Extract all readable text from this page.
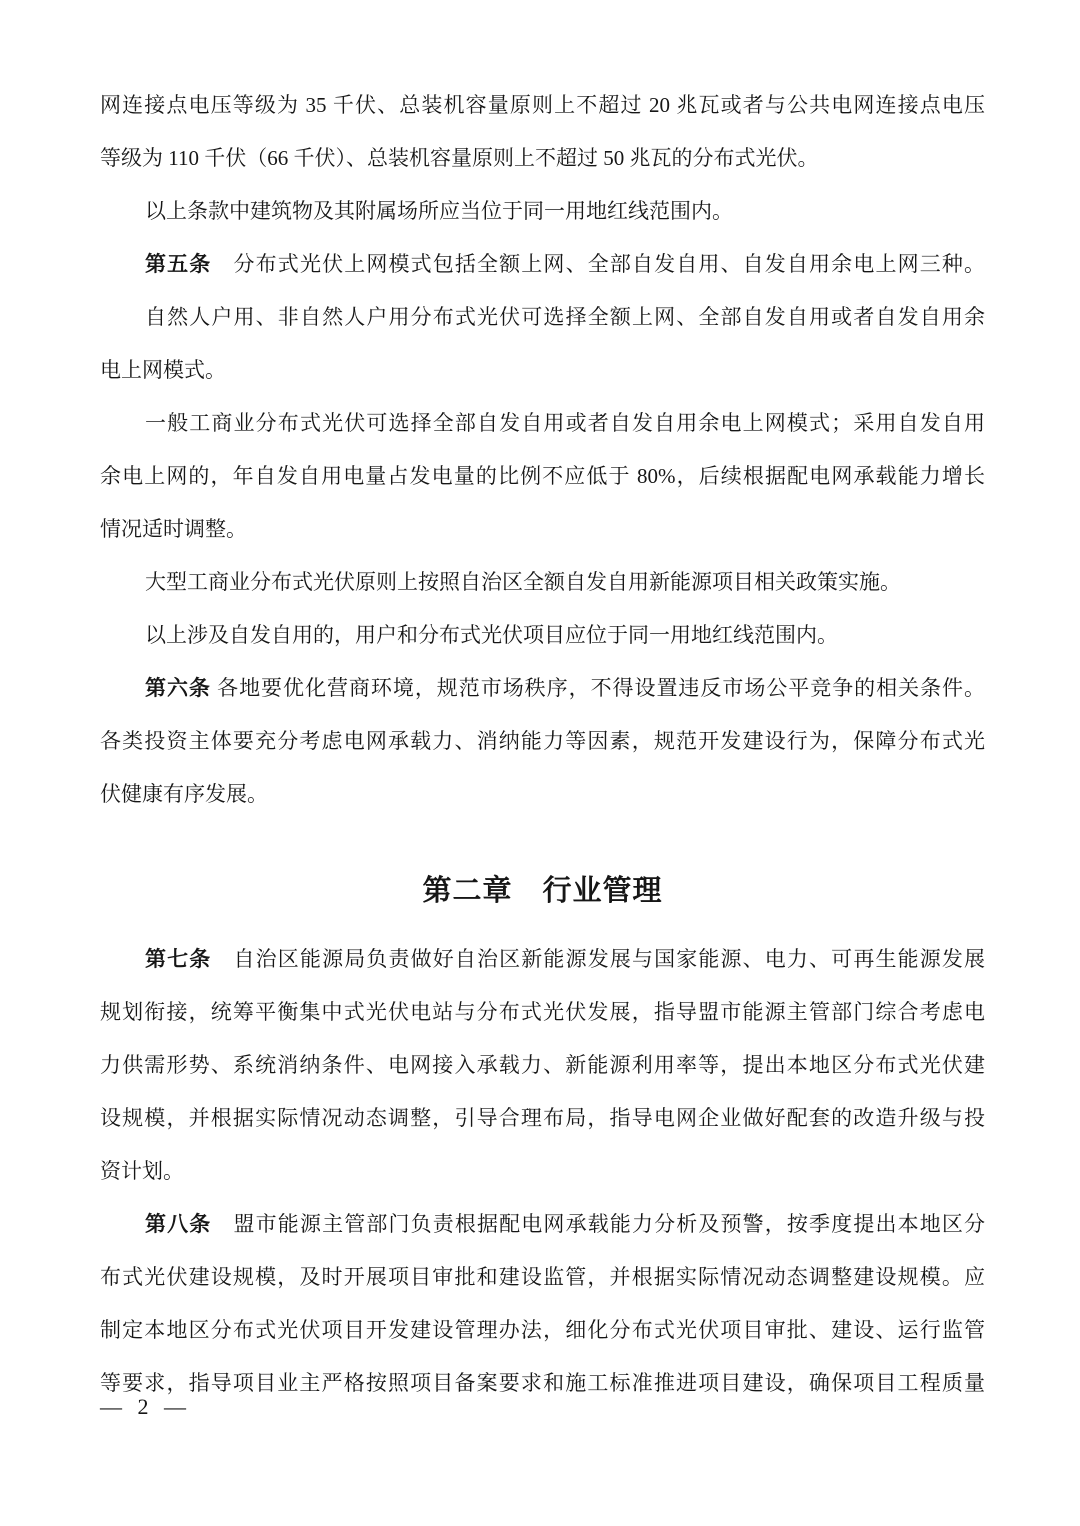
网连接点电压等级为 35 千伏、总装机容量原则上不超过 20 兆瓦或者与公共电网连接点电压
等级为 110 千伏（66 千伏）、总装机容量原则上不超过 50 兆瓦的分布式光伏。
以上条款中建筑物及其附属场所应当位于同一用地红线范围内。
第五条　分布式光伏上网模式包括全额上网、全部自发自用、自发自用余电上网三种。
自然人户用、非自然人户用分布式光伏可选择全额上网、全部自发自用或者自发自用余
电上网模式。
一般工商业分布式光伏可选择全部自发自用或者自发自用余电上网模式；采用自发自用
余电上网的，年自发自用电量占发电量的比例不应低于 80%，后续根据配电网承载能力增长
情况适时调整。
大型工商业分布式光伏原则上按照自治区全额自发自用新能源项目相关政策实施。
以上涉及自发自用的，用户和分布式光伏项目应位于同一用地红线范围内。
第六条 各地要优化营商环境，规范市场秩序，不得设置违反市场公平竞争的相关条件。
各类投资主体要充分考虑电网承载力、消纳能力等因素，规范开发建设行为，保障分布式光
伏健康有序发展。
第二章　行业管理
第七条　自治区能源局负责做好自治区新能源发展与国家能源、电力、可再生能源发展
规划衔接，统筹平衡集中式光伏电站与分布式光伏发展，指导盟市能源主管部门综合考虑电
力供需形势、系统消纳条件、电网接入承载力、新能源利用率等，提出本地区分布式光伏建
设规模，并根据实际情况动态调整，引导合理布局，指导电网企业做好配套的改造升级与投
资计划。
第八条　盟市能源主管部门负责根据配电网承载能力分析及预警，按季度提出本地区分
布式光伏建设规模，及时开展项目审批和建设监管，并根据实际情况动态调整建设规模。应
制定本地区分布式光伏项目开发建设管理办法，细化分布式光伏项目审批、建设、运行监管
等要求，指导项目业主严格按照项目备案要求和施工标准推进项目建设，确保项目工程质量
— 2 —
